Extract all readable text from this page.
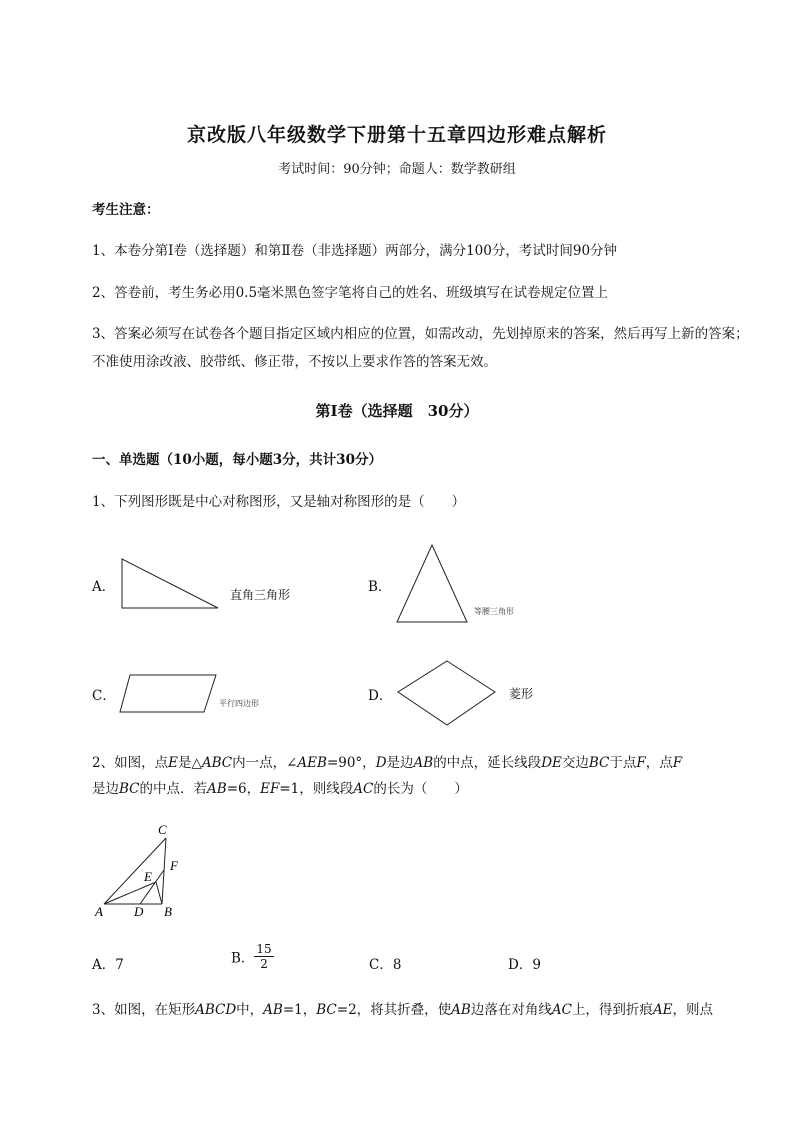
京改版八年级数学下册第十五章四边形难点解析
考试时间：90分钟；命题人：数学教研组
考生注意：
1、本卷分第I卷（选择题）和第Ⅱ卷（非选择题）两部分，满分100分，考试时间90分钟
2、答卷前，考生务必用0.5毫米黑色签字笔将自己的姓名、班级填写在试卷规定位置上
3、答案必须写在试卷各个题目指定区域内相应的位置，如需改动，先划掉原来的答案，然后再写上新的答案；不准使用涂改液、胶带纸、修正带，不按以上要求作答的答案无效。
第I卷（选择题　30分）
一、单选题（10小题，每小题3分，共计30分）
1、下列图形既是中心对称图形，又是轴对称图形的是（　　）
A．	直角三角形	B．
等腰三角形
C．	平行四边形	D．	菱形
2、如图，点E是△ABC内一点，∠AEB=90°，D是边AB的中点，延长线段DE交边BC于点F，点F
是边BC的中点．若AB=6，EF=1，则线段AC的长为（　　）
C
F
E
A D B
A．7	B． $\frac{15}{2}$	C．8	D．9
3、如图，在矩形ABCD中，AB=1，BC=2，将其折叠，使AB边落在对角线AC上，得到折痕AE，则点
